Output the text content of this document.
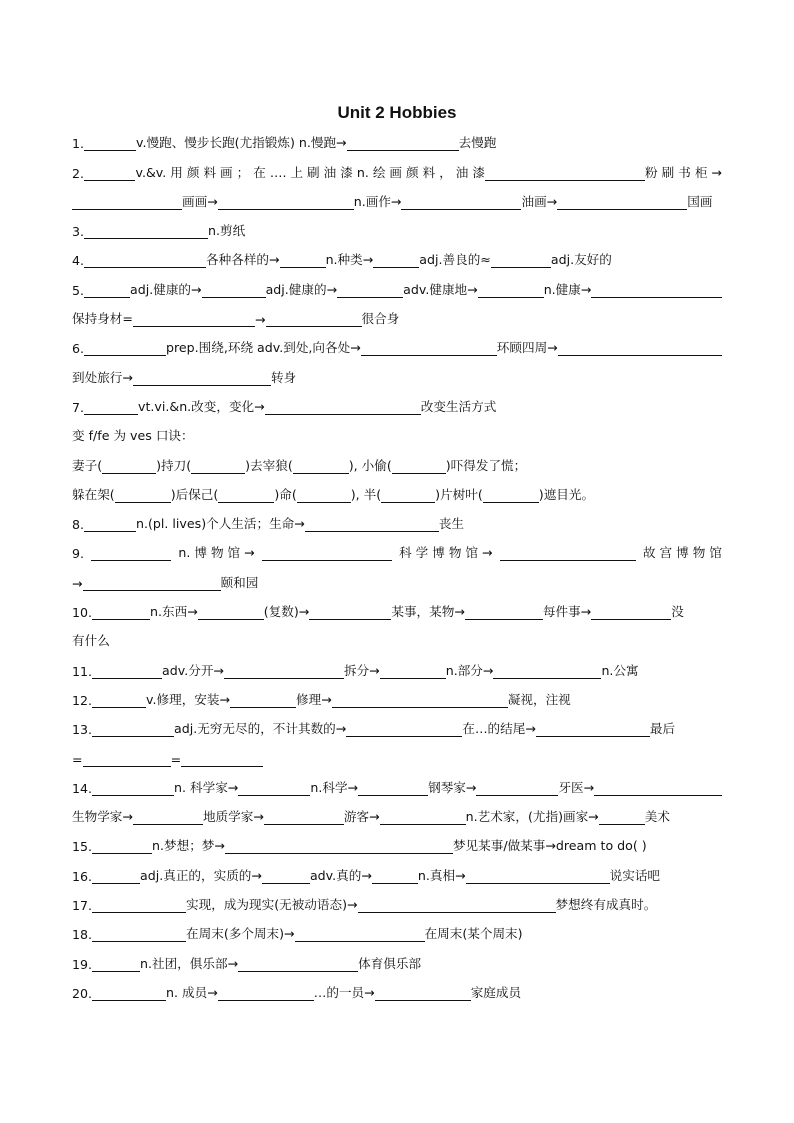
Unit 2 Hobbies
1.	v.慢跑、慢步长跑(尤指锻炼) n.慢跑→	去慢跑
2.	v.&v. 用 颜 料 画 ； 在 …. 上 刷 油 漆 n. 绘 画 颜 料 ， 油 漆	粉 刷 书 柜 →
画画→	n.画作→	油画→	国画
3.	n.剪纸
4.	各种各样的→	n.种类→	adj.善良的≈	adj.友好的
5.	adj.健康的→	adj.健康的→	adv.健康地→	n.健康→
保持身材=	→	很合身
6.	prep.围绕,环绕 adv.到处,向各处→	环顾四周→
到处旅行→	转身
7.	vt.vi.&n.改变，变化→	改变生活方式
变 f/fe 为 ves 口诀：
妻子(	)持刀(	)去宰狼(	), 小偷(	)吓得发了慌；
躲在架(	)后保己(	)命(	), 半(	)片树叶(	)遮目光。
8.	n.(pl. lives)个人生活；生命→	丧生
9.	n. 博 物 馆 →	科 学 博 物 馆 →	故 宫 博 物 馆
→	颐和园
10.	n.东西→	(复数)→	某事，某物→	每件事→	没
有什么
11.	adv.分开→	拆分→	n.部分→	n.公寓
12.	v.修理，安装→	修理→	凝视，注视
13.	adj.无穷无尽的，不计其数的→	在…的结尾→	最后
=	=
14.	n. 科学家→	n.科学→	钢琴家→	牙医→
生物学家→	地质学家→	游客→	n.艺术家，(尤指)画家→	美术
15.	n.梦想；梦→	梦见某事/做某事→dream to do( )
16.	adj.真正的，实质的→	adv.真的→	n.真相→	说实话吧
17.	实现，成为现实(无被动语态)→	梦想终有成真时。
18.	在周末(多个周末)→	在周末(某个周末)
19.	n.社团，俱乐部→	体育俱乐部
20.	n. 成员→	…的一员→	家庭成员
